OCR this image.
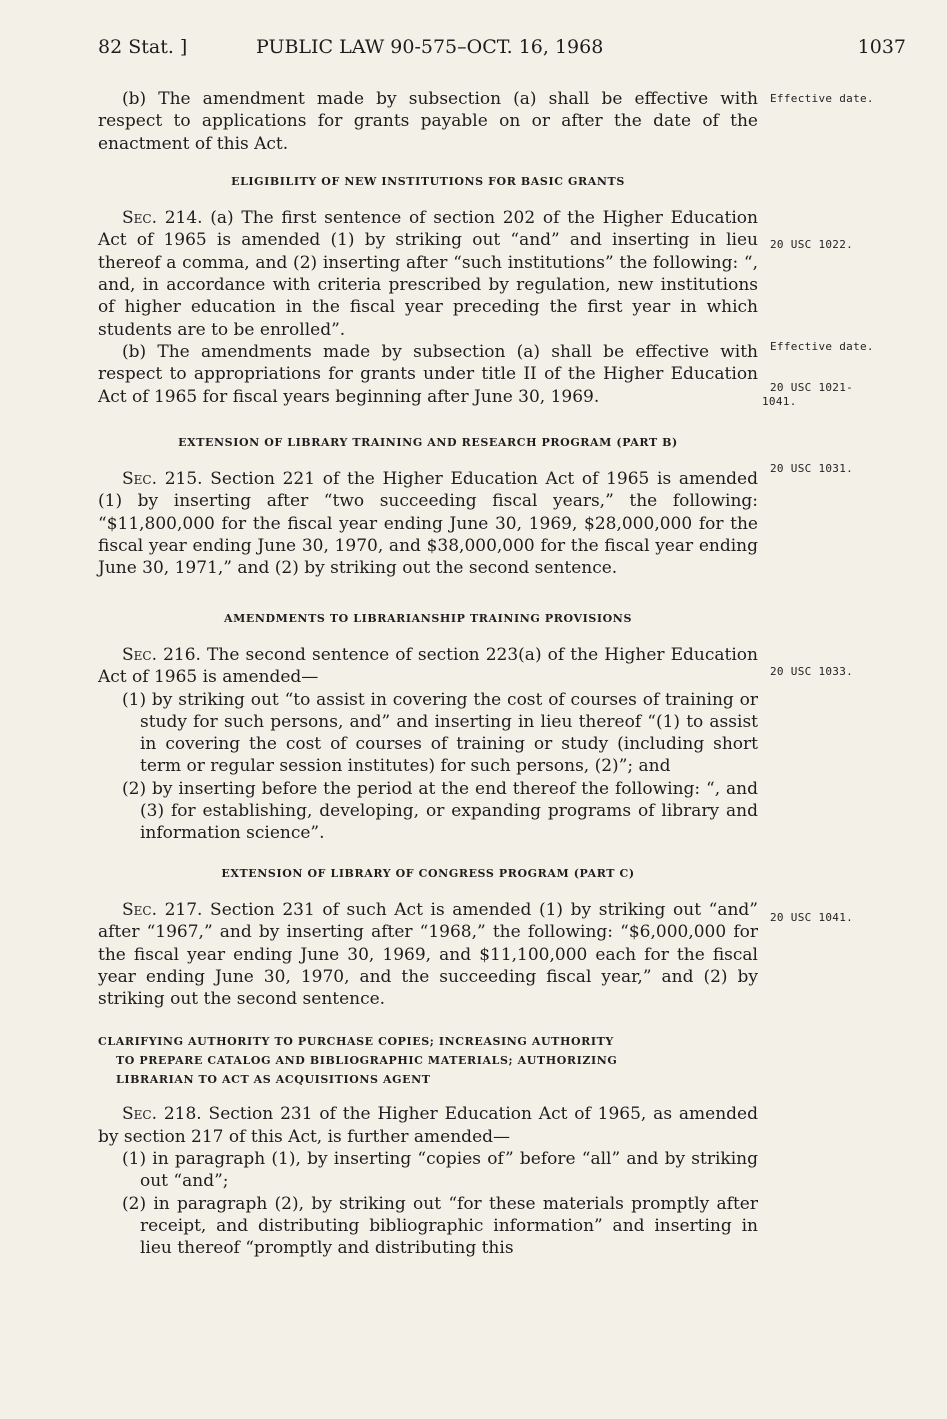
82 Stat. ]	PUBLIC LAW 90-575–OCT. 16, 1968	1037
Effective date.
20 USC 1022.
Effective date.
20 USC 1021-
1041.
20 USC 1031.
20 USC 1033.
20 USC 1041.

(b) The amendment made by subsection (a) shall be effective with respect to applications for grants payable on or after the date of the enactment of this Act.

ELIGIBILITY OF NEW INSTITUTIONS FOR BASIC GRANTS

Sec. 214. (a) The first sentence of section 202 of the Higher Education Act of 1965 is amended (1) by striking out “and” and inserting in lieu thereof a comma, and (2) inserting after “such institutions” the following: “, and, in accordance with criteria prescribed by regulation, new institutions of higher education in the fiscal year preceding the first year in which students are to be enrolled”.

(b) The amendments made by subsection (a) shall be effective with respect to appropriations for grants under title II of the Higher Education Act of 1965 for fiscal years beginning after June 30, 1969.

EXTENSION OF LIBRARY TRAINING AND RESEARCH PROGRAM (PART B)

Sec. 215. Section 221 of the Higher Education Act of 1965 is amended (1) by inserting after “two succeeding fiscal years,” the following: “$11,800,000 for the fiscal year ending June 30, 1969, $28,000,000 for the fiscal year ending June 30, 1970, and $38,000,000 for the fiscal year ending June 30, 1971,” and (2) by striking out the second sentence.

AMENDMENTS TO LIBRARIANSHIP TRAINING PROVISIONS

Sec. 216. The second sentence of section 223(a) of the Higher Education Act of 1965 is amended—

(1) by striking out “to assist in covering the cost of courses of training or study for such persons, and” and inserting in lieu thereof “(1) to assist in covering the cost of courses of training or study (including short term or regular session institutes) for such persons, (2)”; and

(2) by inserting before the period at the end thereof the following: “, and (3) for establishing, developing, or expanding programs of library and information science”.

EXTENSION OF LIBRARY OF CONGRESS PROGRAM (PART C)

Sec. 217. Section 231 of such Act is amended (1) by striking out “and” after “1967,” and by inserting after “1968,” the following: “$6,000,000 for the fiscal year ending June 30, 1969, and $11,100,000 each for the fiscal year ending June 30, 1970, and the succeeding fiscal year,” and (2) by striking out the second sentence.

CLARIFYING AUTHORITY TO PURCHASE COPIES; INCREASING AUTHORITY
TO PREPARE CATALOG AND BIBLIOGRAPHIC MATERIALS; AUTHORIZING
LIBRARIAN TO ACT AS ACQUISITIONS AGENT

Sec. 218. Section 231 of the Higher Education Act of 1965, as amended by section 217 of this Act, is further amended—

(1) in paragraph (1), by inserting “copies of” before “all” and by striking out “and”;

(2) in paragraph (2), by striking out “for these materials promptly after receipt, and distributing bibliographic information” and inserting in lieu thereof “promptly and distributing this
